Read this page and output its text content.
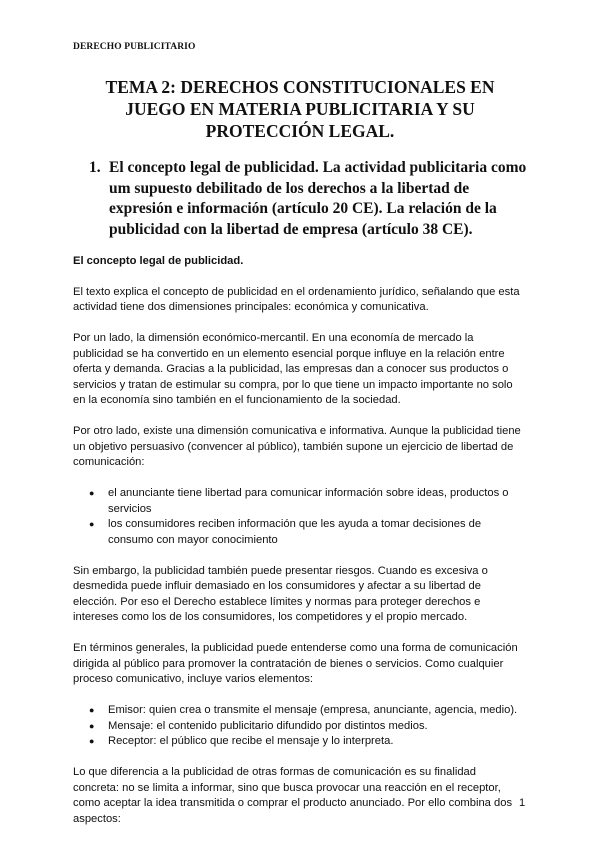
DERECHO PUBLICITARIO
TEMA 2: DERECHOS CONSTITUCIONALES EN JUEGO EN MATERIA PUBLICITARIA Y SU PROTECCIÓN LEGAL.
1. El concepto legal de publicidad. La actividad publicitaria como um supuesto debilitado de los derechos a la libertad de expresión e información (artículo 20 CE). La relación de la publicidad con la libertad de empresa (artículo 38 CE).
El concepto legal de publicidad.

El texto explica el concepto de publicidad en el ordenamiento jurídico, señalando que esta actividad tiene dos dimensiones principales: económica y comunicativa.

Por un lado, la dimensión económico-mercantil. En una economía de mercado la publicidad se ha convertido en un elemento esencial porque influye en la relación entre oferta y demanda. Gracias a la publicidad, las empresas dan a conocer sus productos o servicios y tratan de estimular su compra, por lo que tiene un impacto importante no solo en la economía sino también en el funcionamiento de la sociedad.

Por otro lado, existe una dimensión comunicativa e informativa. Aunque la publicidad tiene un objetivo persuasivo (convencer al público), también supone un ejercicio de libertad de comunicación:

● el anunciante tiene libertad para comunicar información sobre ideas, productos o servicios
● los consumidores reciben información que les ayuda a tomar decisiones de consumo con mayor conocimiento

Sin embargo, la publicidad también puede presentar riesgos. Cuando es excesiva o desmedida puede influir demasiado en los consumidores y afectar a su libertad de elección. Por eso el Derecho establece límites y normas para proteger derechos e intereses como los de los consumidores, los competidores y el propio mercado.

En términos generales, la publicidad puede entenderse como una forma de comunicación dirigida al público para promover la contratación de bienes o servicios. Como cualquier proceso comunicativo, incluye varios elementos:

● Emisor: quien crea o transmite el mensaje (empresa, anunciante, agencia, medio).
● Mensaje: el contenido publicitario difundido por distintos medios.
● Receptor: el público que recibe el mensaje y lo interpreta.

Lo que diferencia a la publicidad de otras formas de comunicación es su finalidad concreta: no se limita a informar, sino que busca provocar una reacción en el receptor, como aceptar la idea transmitida o comprar el producto anunciado. Por ello combina dos aspectos:

1
